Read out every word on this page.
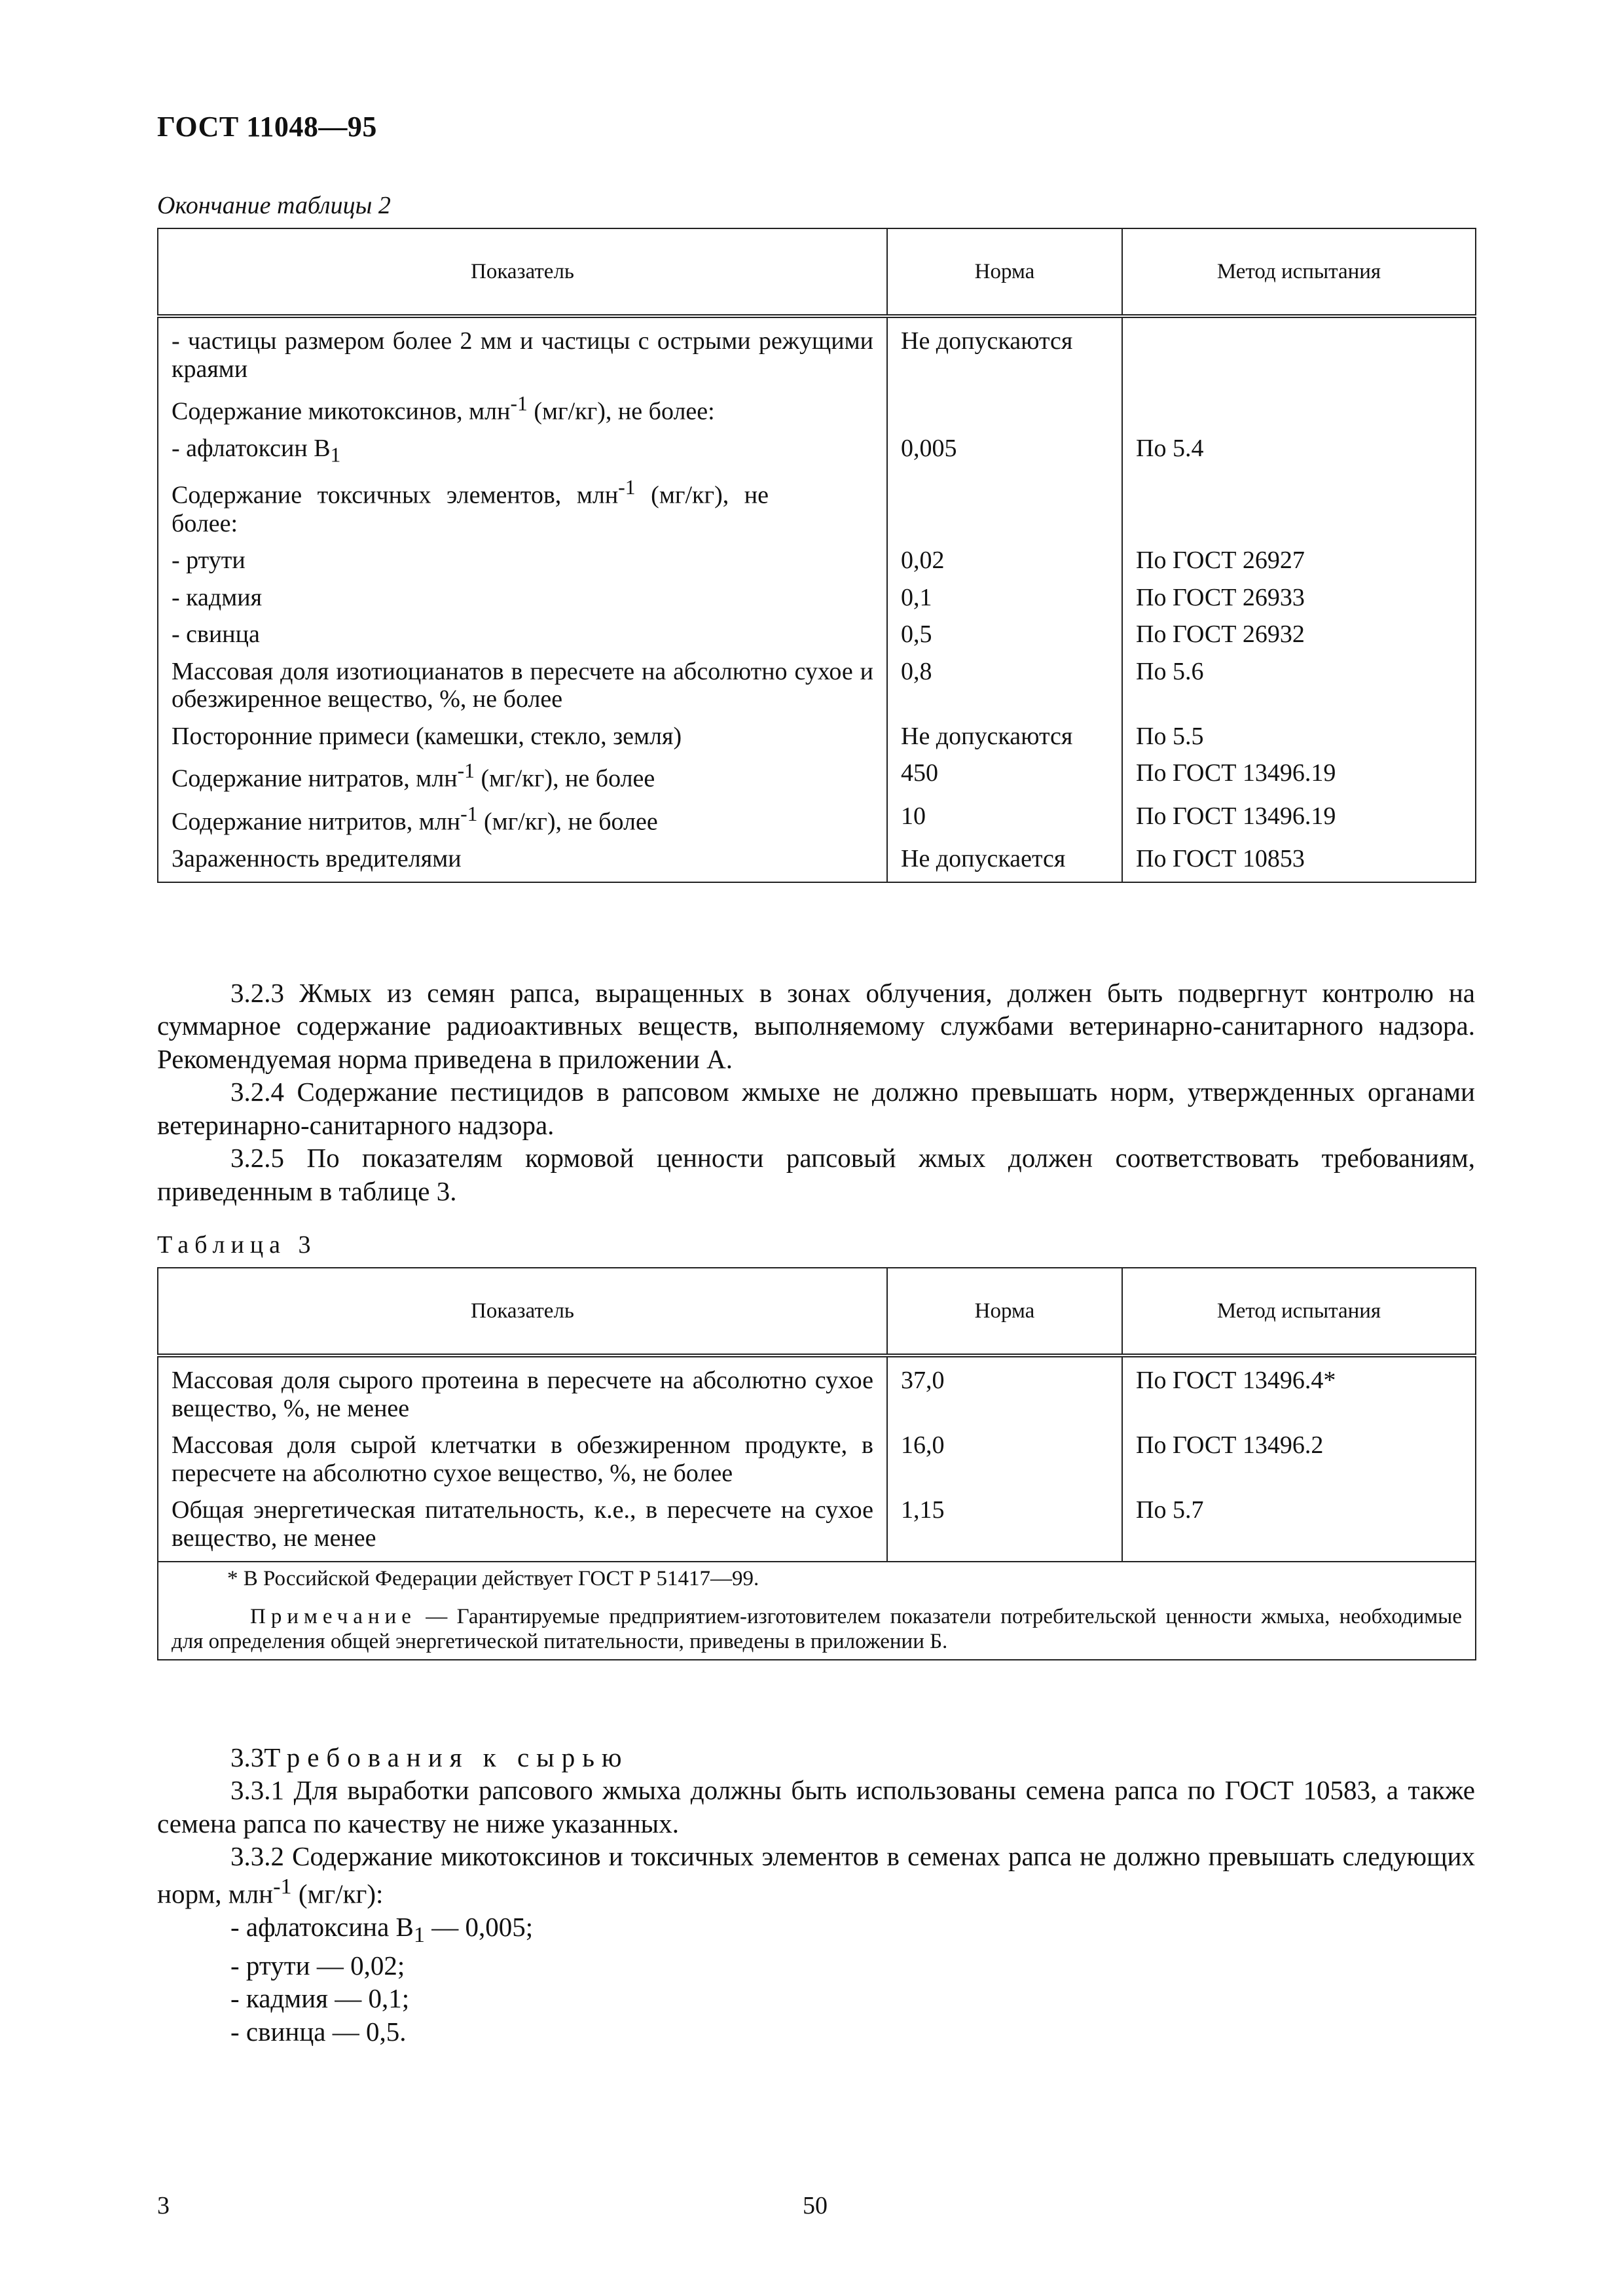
ГОСТ 11048—95
Окончание таблицы 2
Показатель	Норма	Метод испытания
- частицы размером более 2 мм и частицы с острыми режущими краями	Не допускаются	
Содержание микотоксинов, млн$^{-1}$ (мг/кг), не более:		
- афлатоксин $B_1$	0,005	По 5.4
Содержание токсичных элементов, млн$^{-1}$ (мг/кг), не более:		
- ртути	0,02	По ГОСТ 26927
- кадмия	0,1	По ГОСТ 26933
- свинца	0,5	По ГОСТ 26932
Массовая доля изотиоцианатов в пересчете на абсолютно сухое и обезжиренное вещество, %, не более	0,8	По 5.6
Посторонние примеси (камешки, стекло, земля)	Не допускаются	По 5.5
Содержание нитратов, млн$^{-1}$ (мг/кг), не более	450	По ГОСТ 13496.19
Содержание нитритов, млн$^{-1}$ (мг/кг), не более	10	По ГОСТ 13496.19
Зараженность вредителями	Не допускается	По ГОСТ 10853

3.2.3 Жмых из семян рапса, выращенных в зонах облучения, должен быть подвергнут контролю на суммарное содержание радиоактивных веществ, выполняемому службами ветеринарно-санитарного надзора. Рекомендуемая норма приведена в приложении А.

3.2.4 Содержание пестицидов в рапсовом жмыхе не должно превышать норм, утвержденных органами ветеринарно-санитарного надзора.

3.2.5 По показателям кормовой ценности рапсовый жмых должен соответствовать требованиям, приведенным в таблице 3.

Таблица 3
Показатель	Норма	Метод испытания
Массовая доля сырого протеина в пересчете на абсолютно сухое вещество, %, не менее	37,0	По ГОСТ 13496.4*
Массовая доля сырой клетчатки в обезжиренном продукте, в пересчете на абсолютно сухое вещество, %, не более	16,0	По ГОСТ 13496.2
Общая энергетическая питательность, к.е., в пересчете на сухое вещество, не менее	1,15	По 5.7

* В Российской Федерации действует ГОСТ Р 51417—99.
Примечание — Гарантируемые предприятием-изготовителем показатели потребительской ценности жмыха, необходимые для определения общей энергетической питательности, приведены в приложении Б.		

3.3Требования к сырью

3.3.1 Для выработки рапсового жмыха должны быть использованы семена рапса по ГОСТ 10583, а также семена рапса по качеству не ниже указанных.

3.3.2 Содержание микотоксинов и токсичных элементов в семенах рапса не должно превышать следующих норм, млн$^{-1}$ (мг/кг):

- афлатоксина $B_1$ — 0,005;
- ртути — 0,02;
- кадмия — 0,1;
- свинца — 0,5.
3	50
